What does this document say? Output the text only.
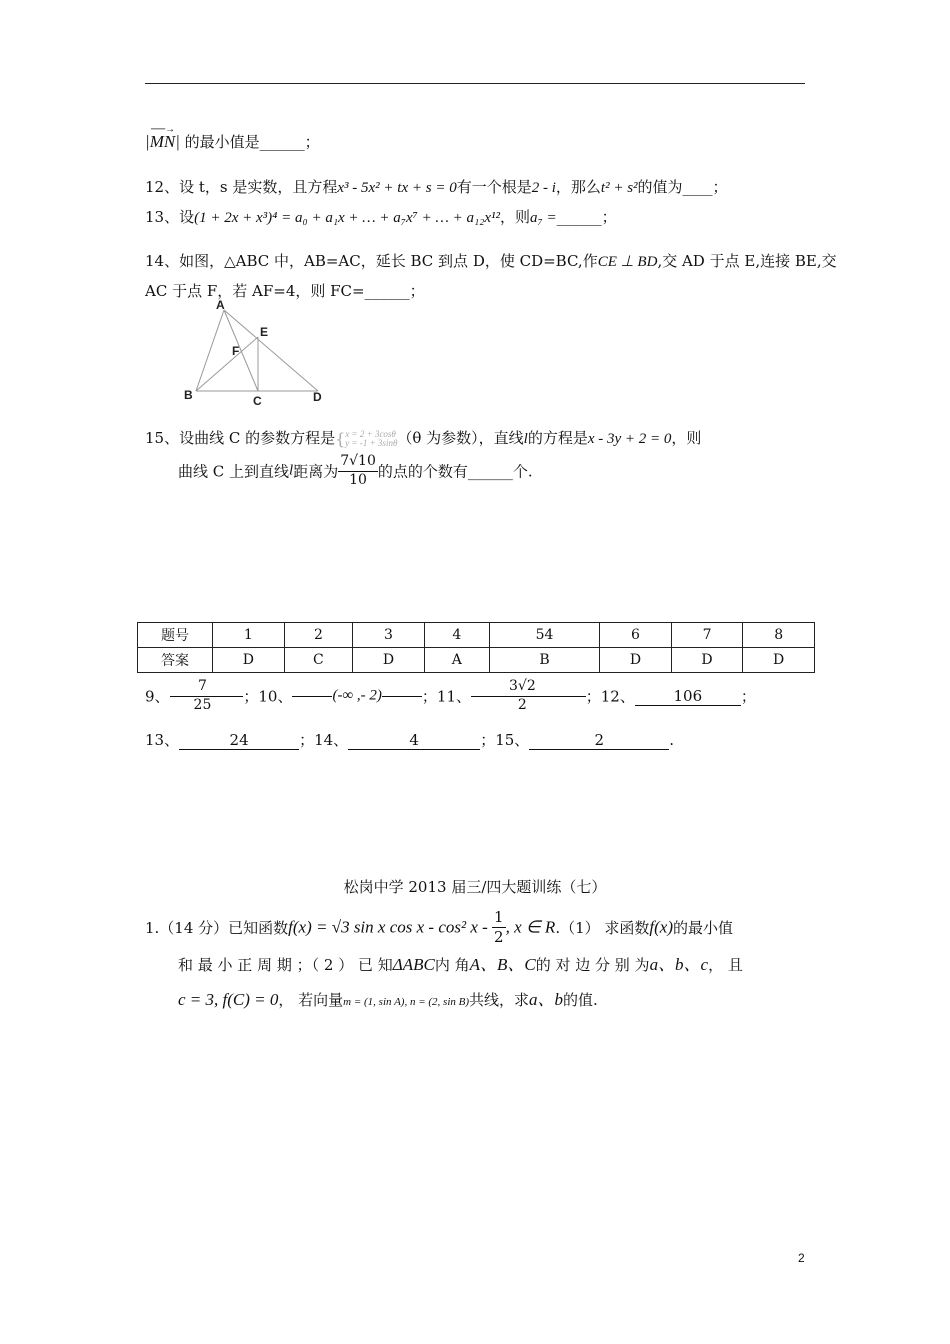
|
──→
MN| 的最小值是______；
12、设 t，s 是实数，且方程x³ - 5x² + tx + s = 0有一个根是2 - i，那么t² + s²的值为____；
13、设(1 + 2x + x³)⁴ = a₀ + a₁x + … + a₇x⁷ + … + a₁₂x¹²，则a₇ =______；
14、如图，△ABC 中，AB=AC，延长 BC 到点 D，使 CD=BC,作CE ⊥ BD,交 AD 于点 E,连接 BE,交
AC 于点 F，若 AF=4，则 FC=______；
A
E
F
B	C	D
15、设曲线 C 的参数方程是{ x = 2 + 3cosθ
y = -1 + 3sinθ （θ 为参数），直线l的方程是x - 3y + 2 = 0，则
曲线 C 上到直线l距离为 $\frac{7√10}{10}$ 的点的个数有______个.
题号	1	2	3	4	54	6	7	8
答案	D	C	D	A	B	D	D	D
9、 $\frac{7}{25}$ ；10、	(-∞ ,- 2)	；11、	$\frac{3√2}{2}$	；12、	106	；
13、	24	；14、	4	；15、	2	.
松岗中学 2013 届三/四大题训练（七）
1.（14 分）已知函数f(x) = √3 sin x cos x - cos² x - $\frac{1}{2}$ , x ∈ R.（1） 求函数f(x)的最小值
和 最 小 正 周 期 ；（ 2 ） 已 知ΔABC内 角A、B、C的 对 边 分 别 为a、b、c， 且
c = 3, f(C) = 0， 若向量m = (1, sin A), n = (2, sin B)共线，求a、b的值.
2
